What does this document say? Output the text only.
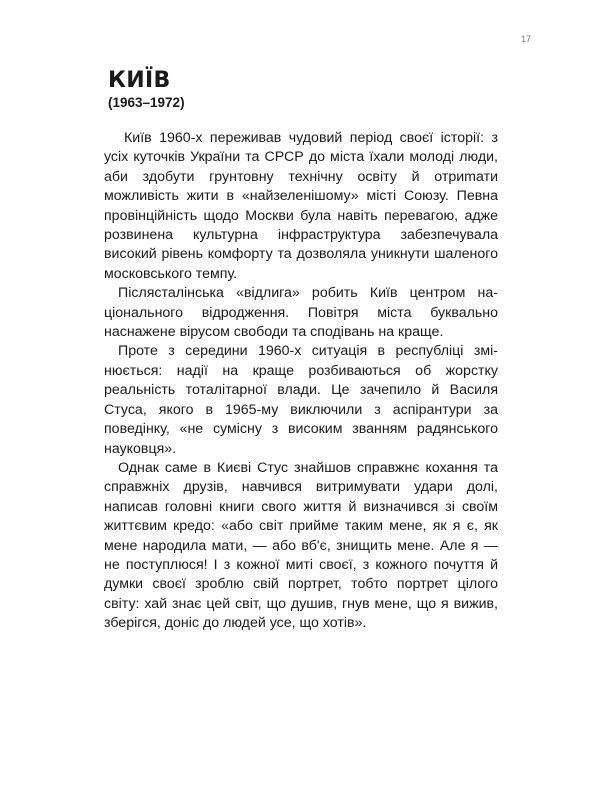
17
КИЇВ

(1963–1972)

Київ 1960-х переживав чудовий період своєї історії: з усіх куточків України та СРСР до міста їхали молоді люди, аби здобути грунтовну технічну освіту й отриmати можливість жити в «найзеленішому» місті Союзу. Певна провінційність щодо Москви була навіть перевагою, адже розвинена культурна інфраструктура забезпечувала високий рівень комфорту та дозволяла уникнути шаленого московського темпу.

Післясталінська «відлига» робить Київ центром національного відродження. Повітря міста буквально наснажене вірусом свободи та сподівань на краще.

Проте з середини 1960-х ситуація в республіці змінюється: надії на краще розбиваються об жорстку реальність тоталітарної влади. Це зачепило й Василя Стуса, якого в 1965-му виключили з аспірантури за поведінку, «не сумісну з високим званням радянського науковця».

Однак саме в Києві Стус знайшов справжнє кохання та справжніх друзів, навчився витримувати удари долі, написав головні книги свого життя й визначився зі своїм життєвим кредо: «або світ прийме таким мене, як я є, як мене народила мати, — або вб'є, знищить мене. Але я — не поступлюся! І з кожної миті своєї, з кожного почуття й думки своєї зроблю свій портрет, тобто портрет цілого світу: хай знає цей світ, що душив, гнув мене, що я вижив, зберігся, доніс до людей усе, що хотів».
